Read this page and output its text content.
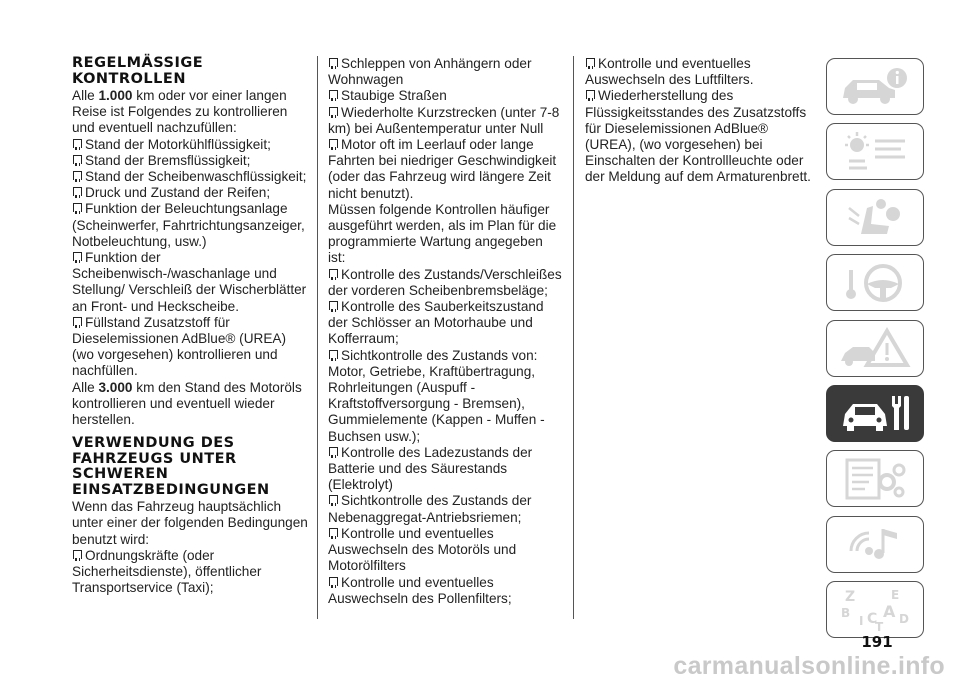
REGELMÄSSIGE KONTROLLEN

Alle 1.000 km oder vor einer langen Reise ist Folgendes zu kontrollieren und eventuell nachzufüllen:

Stand der Motorkühlflüssigkeit;

Stand der Bremsflüssigkeit;

Stand der Scheibenwaschflüssigkeit;

Druck und Zustand der Reifen;

Funktion der Beleuchtungsanlage (Scheinwerfer, Fahrtrichtungsanzeiger, Notbeleuchtung, usw.)

Funktion der Scheibenwisch-/waschanlage und Stellung/ Verschleiß der Wischerblätter an Front- und Heckscheibe.

Füllstand Zusatzstoff für Dieselemissionen AdBlue® (UREA) (wo vorgesehen) kontrollieren und nachfüllen.

Alle 3.000 km den Stand des Motoröls kontrollieren und eventuell wieder herstellen.

VERWENDUNG DES FAHRZEUGS UNTER SCHWEREN EINSATZBEDINGUNGEN

Wenn das Fahrzeug hauptsächlich unter einer der folgenden Bedingungen benutzt wird:

Ordnungskräfte (oder Sicherheitsdienste), öffentlicher Transportservice (Taxi);

Schleppen von Anhängern oder Wohnwagen

Staubige Straßen

Wiederholte Kurzstrecken (unter 7-8 km) bei Außentemperatur unter Null

Motor oft im Leerlauf oder lange Fahrten bei niedriger Geschwindigkeit (oder das Fahrzeug wird längere Zeit nicht benutzt).

Müssen folgende Kontrollen häufiger ausgeführt werden, als im Plan für die programmierte Wartung angegeben ist:

Kontrolle des Zustands/Verschleißes der vorderen Scheibenbremsbeläge;

Kontrolle des Sauberkeitszustand der Schlösser an Motorhaube und Kofferraum;

Sichtkontrolle des Zustands von: Motor, Getriebe, Kraftübertragung, Rohrleitungen (Auspuff - Kraftstoffversorgung - Bremsen), Gummielemente (Kappen - Muffen - Buchsen usw.);

Kontrolle des Ladezustands der Batterie und des Säurestands (Elektrolyt)

Sichtkontrolle des Zustands der Nebenaggregat-Antriebsriemen;

Kontrolle und eventuelles Auswechseln des Motoröls und Motorölfilters

Kontrolle und eventuelles Auswechseln des Pollenfilters;

Kontrolle und eventuelles Auswechseln des Luftfilters.

Wiederherstellung des Flüssigkeitsstandes des Zusatzstoffs für Dieselemissionen AdBlue® (UREA), (wo vorgesehen) bei Einschalten der Kontrollleuchte oder der Meldung auf dem Armaturenbrett.

Z	E
B A
I C
T
D
191
carmanualsonline.info
